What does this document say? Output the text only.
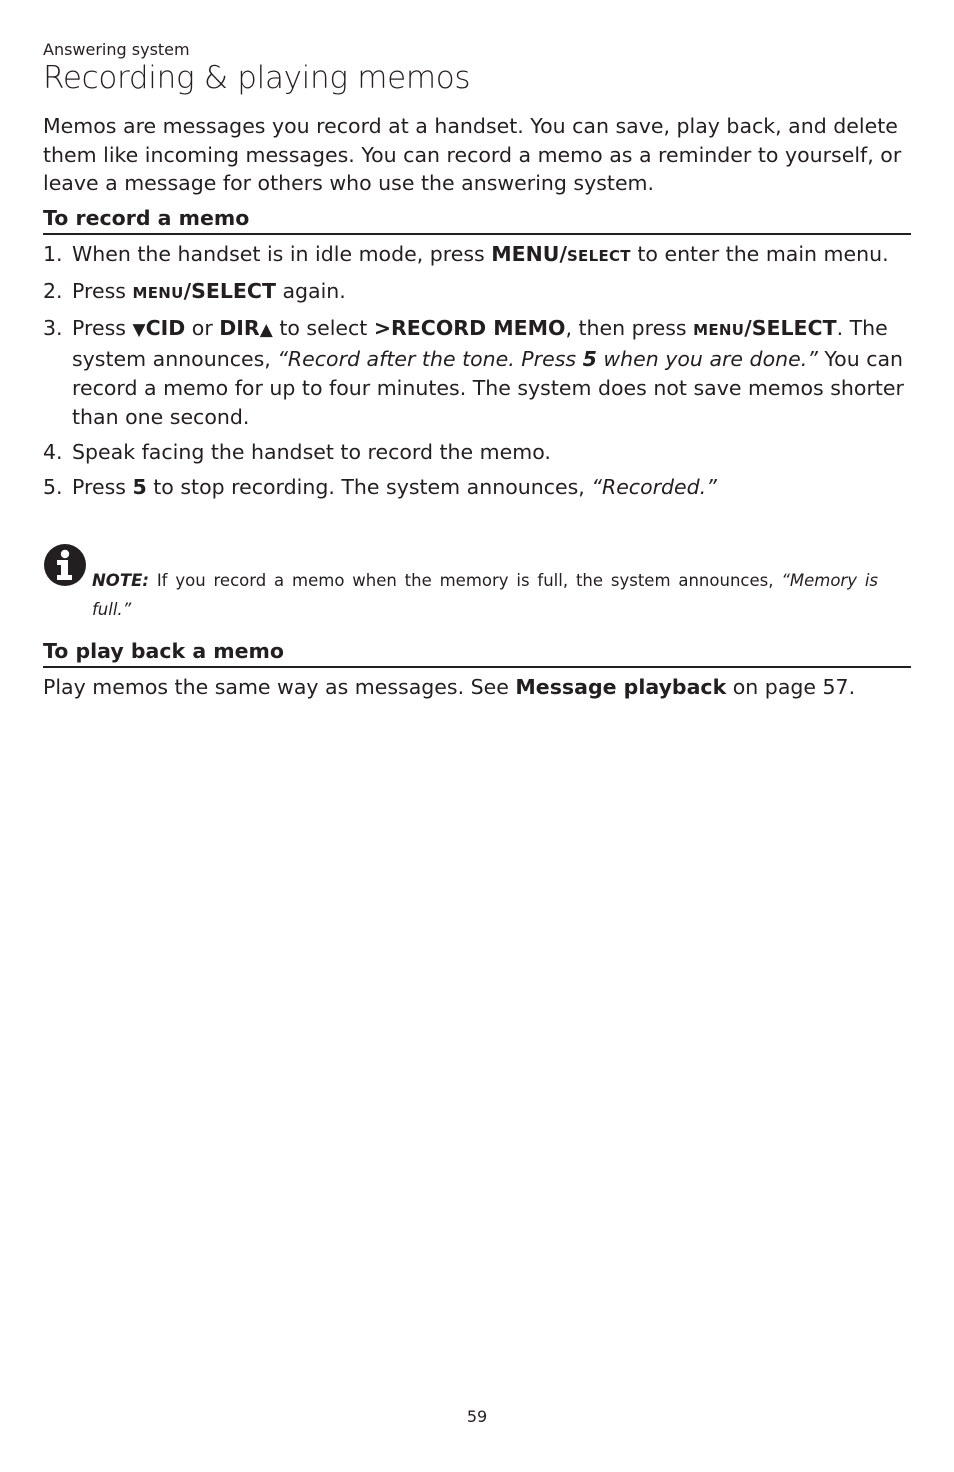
Answering system
Recording & playing memos
Memos are messages you record at a handset. You can save, play back, and delete them like incoming messages. You can record a memo as a reminder to yourself, or leave a message for others who use the answering system.
To record a memo
1. When the handset is in idle mode, press MENU/SELECT to enter the main menu.
2. Press MENU/SELECT again.
3. Press ▼CID or DIR▲ to select >RECORD MEMO, then press MENU/SELECT. The system announces, “Record after the tone. Press 5 when you are done.” You can record a memo for up to four minutes. The system does not save memos shorter than one second.
4. Speak facing the handset to record the memo.
5. Press 5 to stop recording. The system announces, “Recorded.”
NOTE: If you record a memo when the memory is full, the system announces, “Memory is full.”
To play back a memo
Play memos the same way as messages. See Message playback on page 57.
59
